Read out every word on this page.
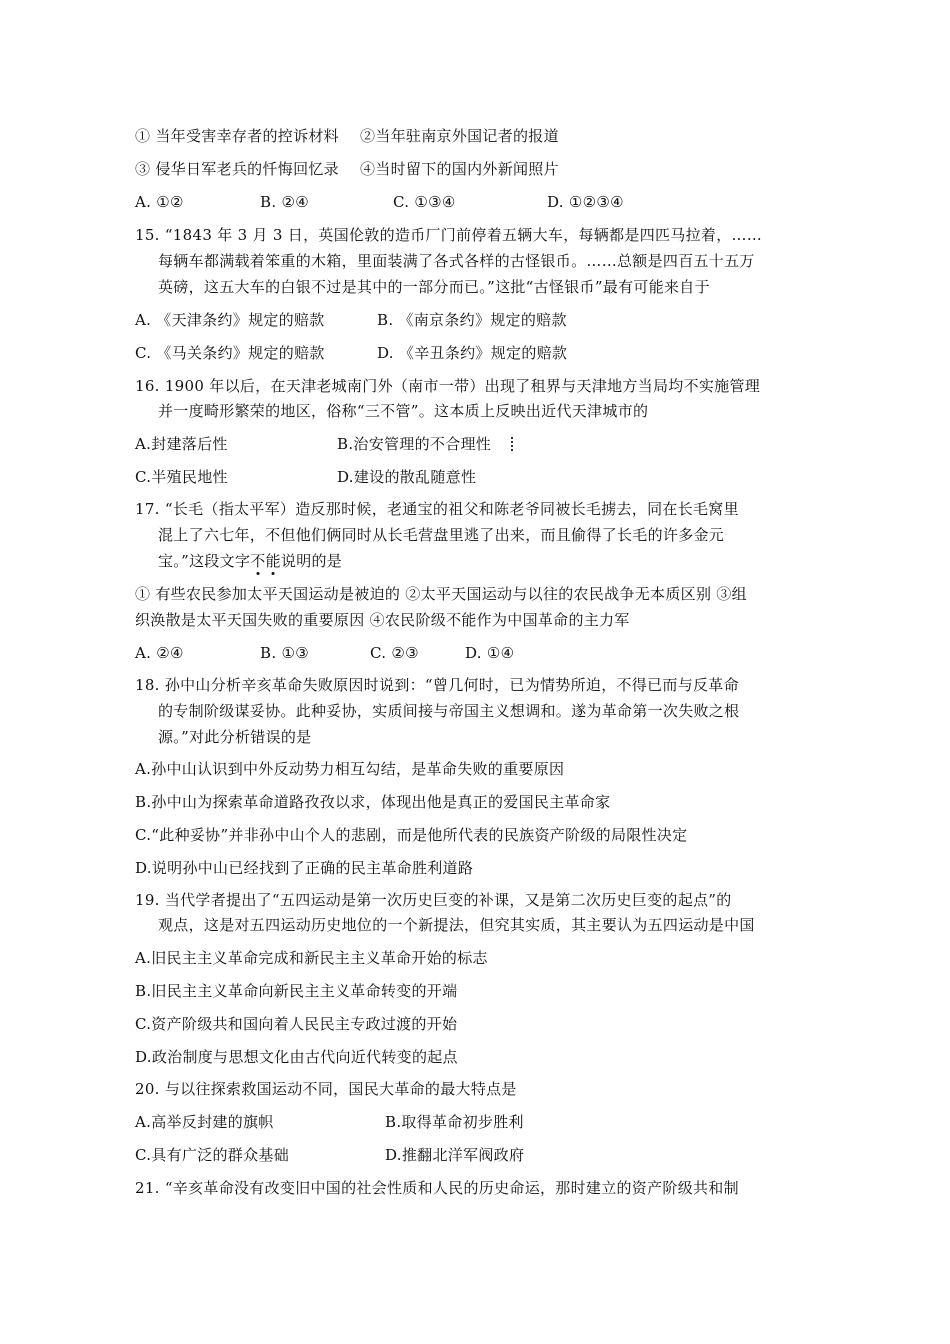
① 当年受害幸存者的控诉材料 ②当年驻南京外国记者的报道
③ 侵华日军老兵的忏悔回忆录 ④当时留下的国内外新闻照片
A. ①②	B. ②④	C. ①③④	D. ①②③④
15. “1843 年 3 月 3 日，英国伦敦的造币厂门前停着五辆大车，每辆都是四匹马拉着，……
每辆车都满载着笨重的木箱，里面装满了各式各样的古怪银币。……总额是四百五十五万
英磅，这五大车的白银不过是其中的一部分而已。”这批“古怪银币”最有可能来自于
A. 《天津条约》规定的赔款	B. 《南京条约》规定的赔款
C. 《马关条约》规定的赔款	D. 《辛丑条约》规定的赔款
16. 1900 年以后，在天津老城南门外（南市一带）出现了租界与天津地方当局均不实施管理
并一度畸形繁荣的地区，俗称“三不管”。这本质上反映出近代天津城市的
A.封建落后性	B.治安管理的不合理性
C.半殖民地性	D.建设的散乱随意性
17. “长毛（指太平军）造反那时候，老通宝的祖父和陈老爷同被长毛掳去，同在长毛窝里
混上了六七年，不但他们俩同时从长毛营盘里逃了出来，而且偷得了长毛的许多金元
宝。”这段文字不能说明的是
① 有些农民参加太平天国运动是被迫的 ②太平天国运动与以往的农民战争无本质区别 ③组
织涣散是太平天国失败的重要原因 ④农民阶级不能作为中国革命的主力军
A. ②④	B. ①③	C. ②③	D. ①④
18. 孙中山分析辛亥革命失败原因时说到：“曾几何时，已为情势所迫，不得已而与反革命
的专制阶级谋妥协。此种妥协，实质间接与帝国主义想调和。遂为革命第一次失败之根
源。”对此分析错误的是
A.孙中山认识到中外反动势力相互勾结，是革命失败的重要原因
B.孙中山为探索革命道路孜孜以求，体现出他是真正的爱国民主革命家
C.“此种妥协”并非孙中山个人的悲剧，而是他所代表的民族资产阶级的局限性决定
D.说明孙中山已经找到了正确的民主革命胜利道路
19. 当代学者提出了“五四运动是第一次历史巨变的补课，又是第二次历史巨变的起点”的
观点，这是对五四运动历史地位的一个新提法，但究其实质，其主要认为五四运动是中国
A.旧民主主义革命完成和新民主主义革命开始的标志
B.旧民主主义革命向新民主主义革命转变的开端
C.资产阶级共和国向着人民民主专政过渡的开始
D.政治制度与思想文化由古代向近代转变的起点
20. 与以往探索救国运动不同，国民大革命的最大特点是
A.高举反封建的旗帜	B.取得革命初步胜利
C.具有广泛的群众基础	D.推翻北洋军阀政府
21. “辛亥革命没有改变旧中国的社会性质和人民的历史命运，那时建立的资产阶级共和制
